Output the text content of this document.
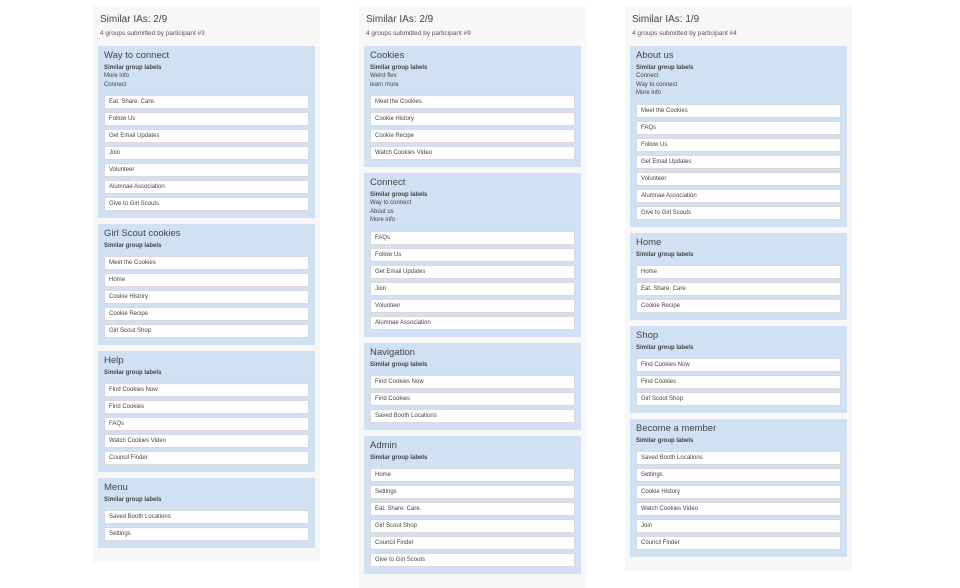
Similar IAs: 2/9
4 groups submitted by participant #3
Way to connect
Similar group labels
More info
Connect
Eat. Share. Care.
Follow Us
Get Email Updates
Join
Volunteer
Alumnae Association
Give to Girl Scouts
Girl Scout cookies
Similar group labels
Meet the Cookies
Home
Cookie History
Cookie Recipe
Girl Scout Shop
Help
Similar group labels
Find Cookies Now
Find Cookies
FAQs
Watch Cookies Video
Council Finder
Menu
Similar group labels
Saved Booth Locations
Settings
Similar IAs: 2/9
4 groups submitted by participant #9
Cookies
Similar group labels
Weird flex
learn more
Meet the Cookies
Cookie History
Cookie Recipe
Watch Cookies Video
Connect
Similar group labels
Way to connect
About us
More info
FAQs
Follow Us
Get Email Updates
Join
Volunteer
Alumnae Association
Navigation
Similar group labels
Find Cookies Now
Find Cookies
Saved Booth Locations
Admin
Similar group labels
Home
Settings
Eat. Share. Care.
Girl Scout Shop
Council Finder
Give to Girl Scouts
Similar IAs: 1/9
4 groups submitted by participant #4
About us
Similar group labels
Connect
Way to connect
More info
Meet the Cookies
FAQs
Follow Us
Get Email Updates
Volunteer
Alumnae Association
Give to Girl Scouts
Home
Similar group labels
Home
Eat. Share. Care.
Cookie Recipe
Shop
Similar group labels
Find Cookies Now
Find Cookies
Girl Scout Shop
Become a member
Similar group labels
Saved Booth Locations
Settings
Cookie History
Watch Cookies Video
Join
Council Finder
